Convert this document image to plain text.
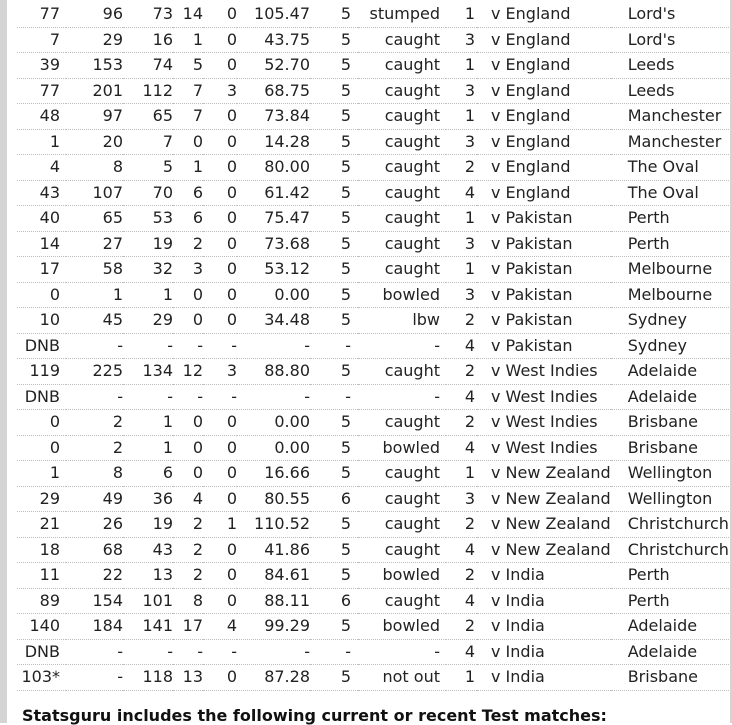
77	96	73	14	0	105.47	5	stumped	1	v England	Lord's
7	29	16	1	0	43.75	5	caught	3	v England	Lord's
39	153	74	5	0	52.70	5	caught	1	v England	Leeds
77	201	112	7	3	68.75	5	caught	3	v England	Leeds
48	97	65	7	0	73.84	5	caught	1	v England	Manchester
1	20	7	0	0	14.28	5	caught	3	v England	Manchester
4	8	5	1	0	80.00	5	caught	2	v England	The Oval
43	107	70	6	0	61.42	5	caught	4	v England	The Oval
40	65	53	6	0	75.47	5	caught	1	v Pakistan	Perth
14	27	19	2	0	73.68	5	caught	3	v Pakistan	Perth
17	58	32	3	0	53.12	5	caught	1	v Pakistan	Melbourne
0	1	1	0	0	0.00	5	bowled	3	v Pakistan	Melbourne
10	45	29	0	0	34.48	5	lbw	2	v Pakistan	Sydney
DNB	-	-	-	-	-	-	-	4	v Pakistan	Sydney
119	225	134	12	3	88.80	5	caught	2	v West Indies	Adelaide
DNB	-	-	-	-	-	-	-	4	v West Indies	Adelaide
0	2	1	0	0	0.00	5	caught	2	v West Indies	Brisbane
0	2	1	0	0	0.00	5	bowled	4	v West Indies	Brisbane
1	8	6	0	0	16.66	5	caught	1	v New Zealand	Wellington
29	49	36	4	0	80.55	6	caught	3	v New Zealand	Wellington
21	26	19	2	1	110.52	5	caught	2	v New Zealand	Christchurch
18	68	43	2	0	41.86	5	caught	4	v New Zealand	Christchurch
11	22	13	2	0	84.61	5	bowled	2	v India	Perth
89	154	101	8	0	88.11	6	caught	4	v India	Perth
140	184	141	17	4	99.29	5	bowled	2	v India	Adelaide
DNB	-	-	-	-	-	-	-	4	v India	Adelaide
103*	-	118	13	0	87.28	5	not out	1	v India	Brisbane
Statsguru includes the following current or recent Test matches:
